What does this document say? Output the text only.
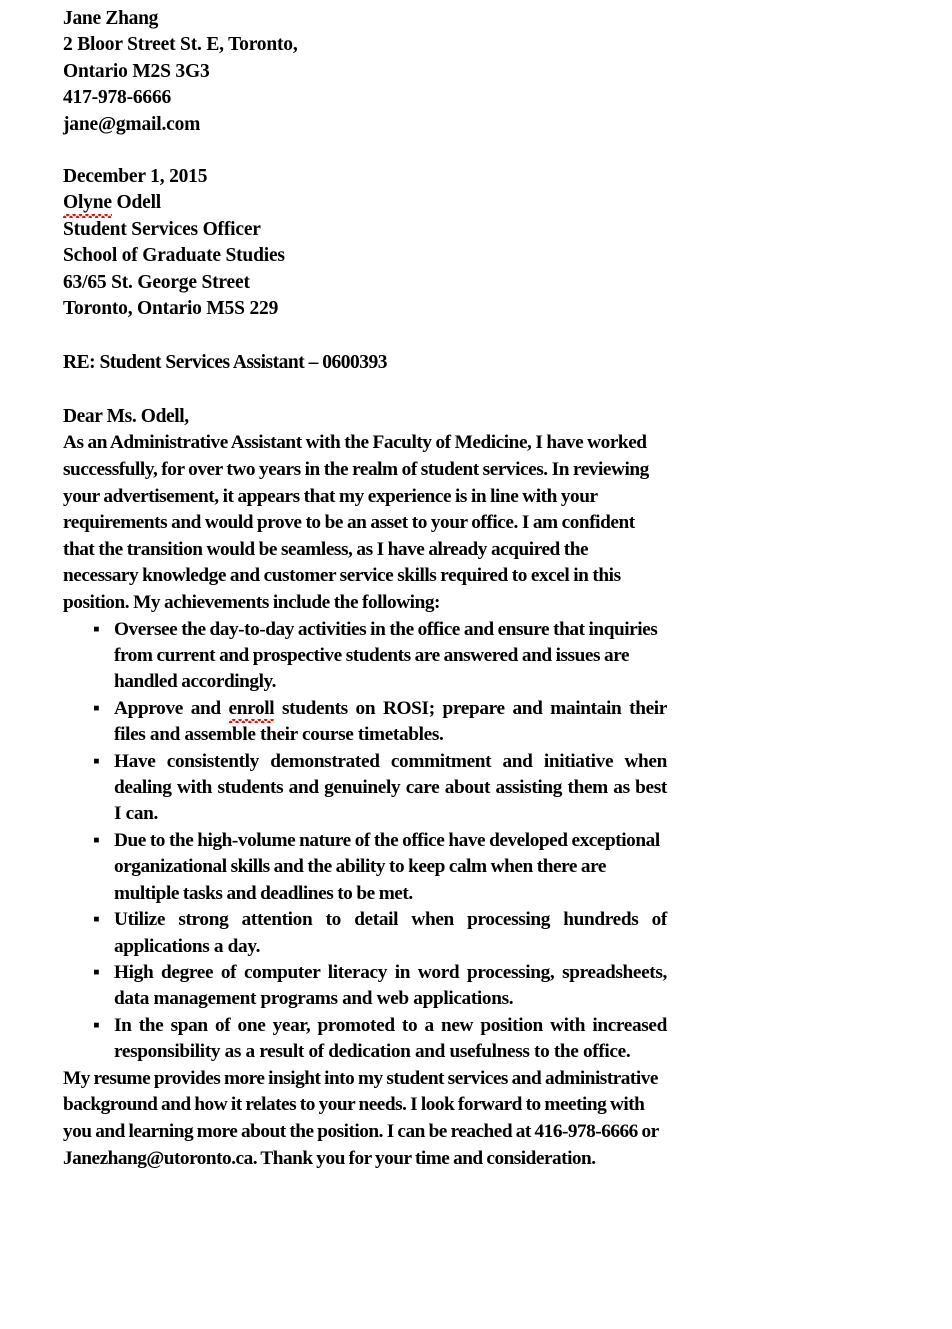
Jane Zhang
2 Bloor Street St. E, Toronto,
Ontario M2S 3G3
417-978-6666
jane@gmail.com
December 1, 2015
Olyne Odell
Student Services Officer
School of Graduate Studies
63/65 St. George Street
Toronto, Ontario M5S 229
RE: Student Services Assistant – 0600393
Dear Ms. Odell,

As an Administrative Assistant with the Faculty of Medicine, I have worked successfully, for over two years in the realm of student services. In reviewing your advertisement, it appears that my experience is in line with your requirements and would prove to be an asset to your office. I am confident that the transition would be seamless, as I have already acquired the necessary knowledge and customer service skills required to excel in this position. My achievements include the following:

▪ Oversee the day-to-day activities in the office and ensure that inquiries from current and prospective students are answered and issues are handled accordingly.
▪ Approve and enroll students on ROSI; prepare and maintain their files and assemble their course timetables.
▪ Have consistently demonstrated commitment and initiative when dealing with students and genuinely care about assisting them as best I can.
▪ Due to the high-volume nature of the office have developed exceptional organizational skills and the ability to keep calm when there are multiple tasks and deadlines to be met.
▪ Utilize strong attention to detail when processing hundreds of applications a day.
▪ High degree of computer literacy in word processing, spreadsheets, data management programs and web applications.
▪ In the span of one year, promoted to a new position with increased responsibility as a result of dedication and usefulness to the office.

My resume provides more insight into my student services and administrative background and how it relates to your needs. I look forward to meeting with you and learning more about the position. I can be reached at 416-978-6666 or Janezhang@utoronto.ca. Thank you for your time and consideration.
